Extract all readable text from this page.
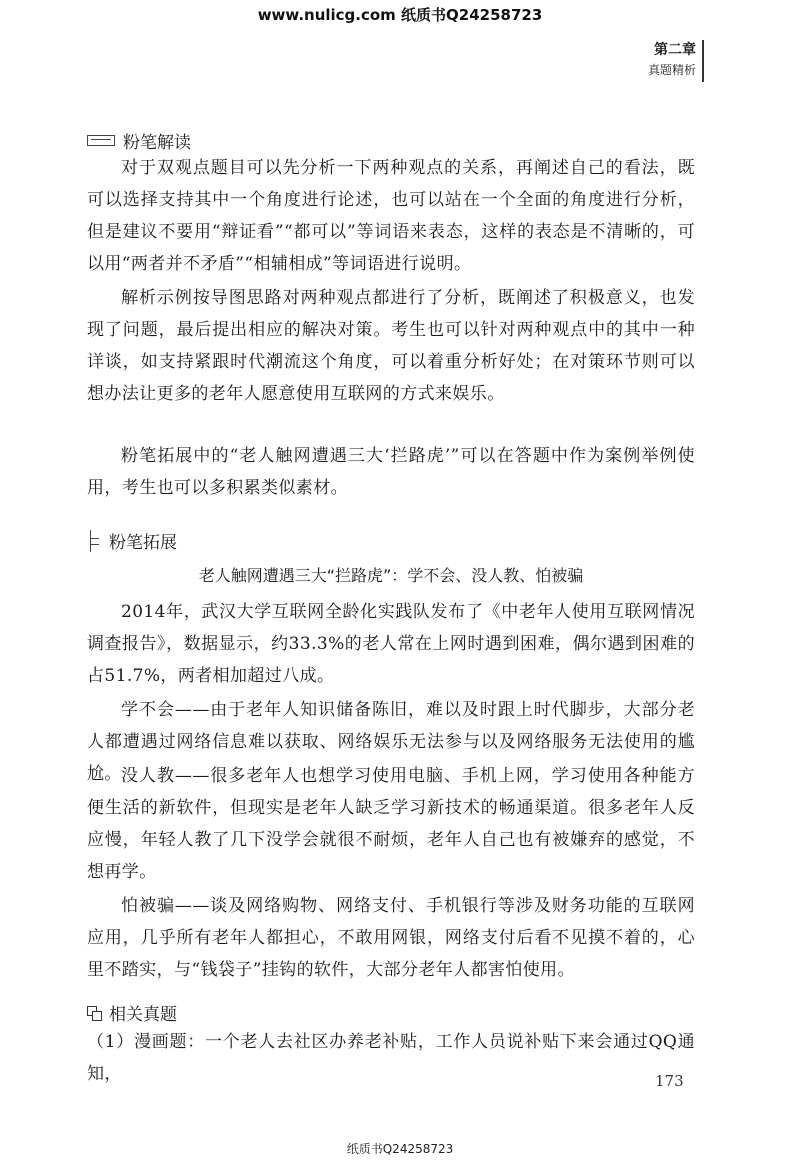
www.nulicg.com 纸质书Q24258723
第二章
真题精析
粉笔解读

对于双观点题目可以先分析一下两种观点的关系，再阐述自己的看法，既可以选择支持其中一个角度进行论述，也可以站在一个全面的角度进行分析，但是建议不要用“辩证看”“都可以”等词语来表态，这样的表态是不清晰的，可以用“两者并不矛盾”“相辅相成”等词语进行说明。

解析示例按导图思路对两种观点都进行了分析，既阐述了积极意义，也发现了问题，最后提出相应的解决对策。考生也可以针对两种观点中的其中一种详谈，如支持紧跟时代潮流这个角度，可以着重分析好处；在对策环节则可以想办法让更多的老年人愿意使用互联网的方式来娱乐。

粉笔拓展中的“老人触网遭遇三大‘拦路虎’”可以在答题中作为案例举例使用，考生也可以多积累类似素材。

粉笔拓展
老人触网遭遇三大“拦路虎”：学不会、没人教、怕被骗

2014年，武汉大学互联网全龄化实践队发布了《中老年人使用互联网情况调查报告》，数据显示，约33.3%的老人常在上网时遇到困难，偶尔遇到困难的占51.7%，两者相加超过八成。

学不会——由于老年人知识储备陈旧，难以及时跟上时代脚步，大部分老人都遭遇过网络信息难以获取、网络娱乐无法参与以及网络服务无法使用的尴尬。 没人教——很多老年人也想学习使用电脑、手机上网，学习使用各种能方便生活的新软件，但现实是老年人缺乏学习新技术的畅通渠道。很多老年人反应慢，年轻人教了几下没学会就很不耐烦，老年人自己也有被嫌弃的感觉，不想再学。

怕被骗——谈及网络购物、网络支付、手机银行等涉及财务功能的互联网应用，几乎所有老年人都担心，不敢用网银，网络支付后看不见摸不着的，心里不踏实，与“钱袋子”挂钩的软件，大部分老年人都害怕使用。

相关真题

（1）漫画题：一个老人去社区办养老补贴，工作人员说补贴下来会通过QQ通知，	173
纸质书Q24258723
